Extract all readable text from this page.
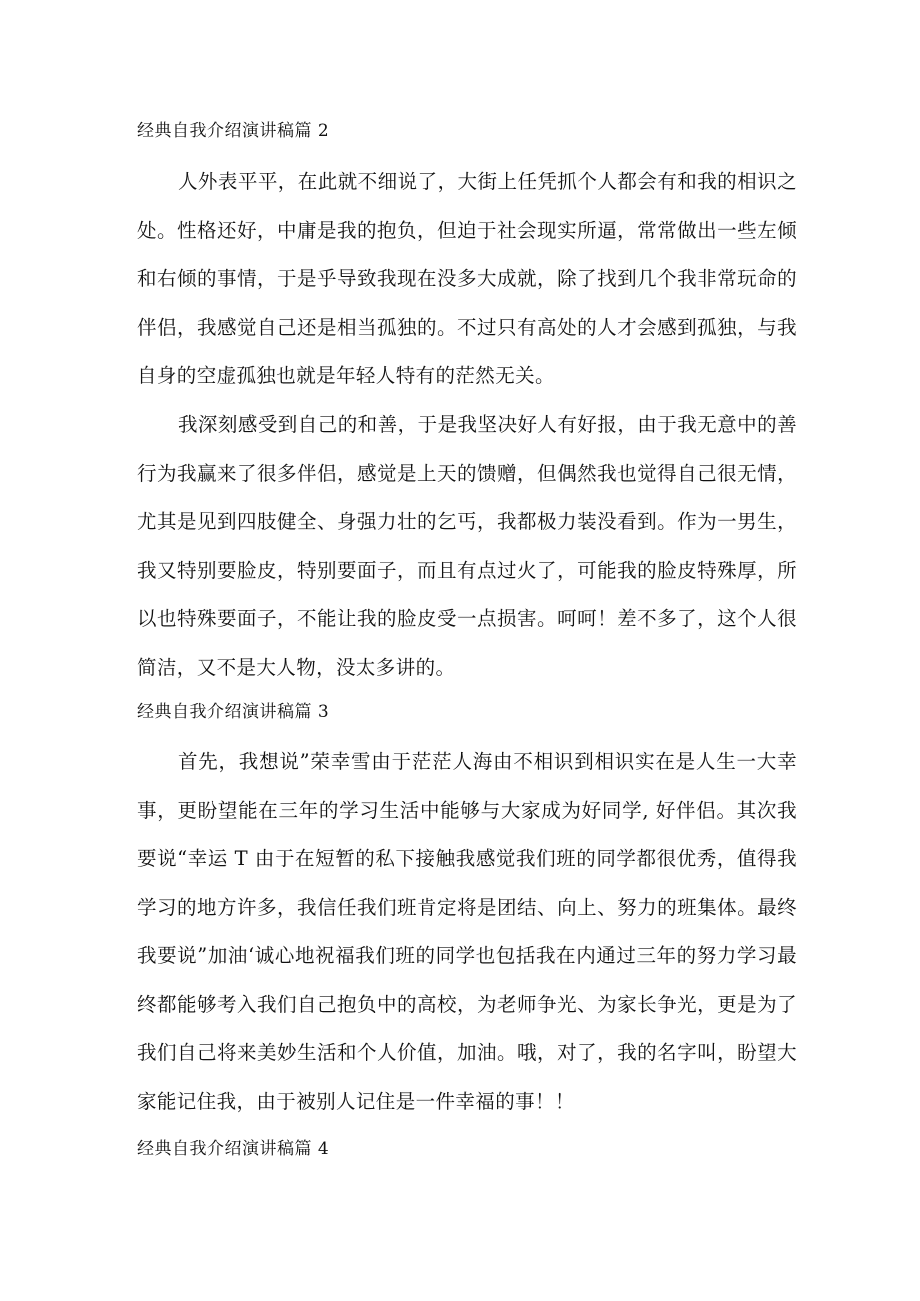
经典自我介绍演讲稿篇 2

人外表平平，在此就不细说了，大街上任凭抓个人都会有和我的相识之处。性格还好，中庸是我的抱负，但迫于社会现实所逼，常常做出一些左倾和右倾的事情，于是乎导致我现在没多大成就，除了找到几个我非常玩命的伴侣，我感觉自己还是相当孤独的。不过只有高处的人才会感到孤独，与我自身的空虚孤独也就是年轻人特有的茫然无关。

我深刻感受到自己的和善，于是我坚决好人有好报，由于我无意中的善行为我赢来了很多伴侣，感觉是上天的馈赠，但偶然我也觉得自己很无情，尤其是见到四肢健全、身强力壮的乞丐，我都极力装没看到。作为一男生，我又特别要脸皮，特别要面子，而且有点过火了，可能我的脸皮特殊厚，所以也特殊要面子，不能让我的脸皮受一点损害。呵呵！差不多了，这个人很简洁，又不是大人物，没太多讲的。

经典自我介绍演讲稿篇 3

首先，我想说”荣幸雪由于茫茫人海由不相识到相识实在是人生一大幸事，更盼望能在三年的学习生活中能够与大家成为好同学, 好伴侣。其次我要说“幸运 T 由于在短暂的私下接触我感觉我们班的同学都很优秀，值得我学习的地方许多，我信任我们班肯定将是团结、向上、努力的班集体。最终我要说”加油‘诚心地祝福我们班的同学也包括我在内通过三年的努力学习最终都能够考入我们自己抱负中的高校，为老师争光、为家长争光，更是为了我们自己将来美妙生活和个人价值，加油。哦，对了，我的名字叫，盼望大家能记住我，由于被别人记住是一件幸福的事！！

经典自我介绍演讲稿篇 4
